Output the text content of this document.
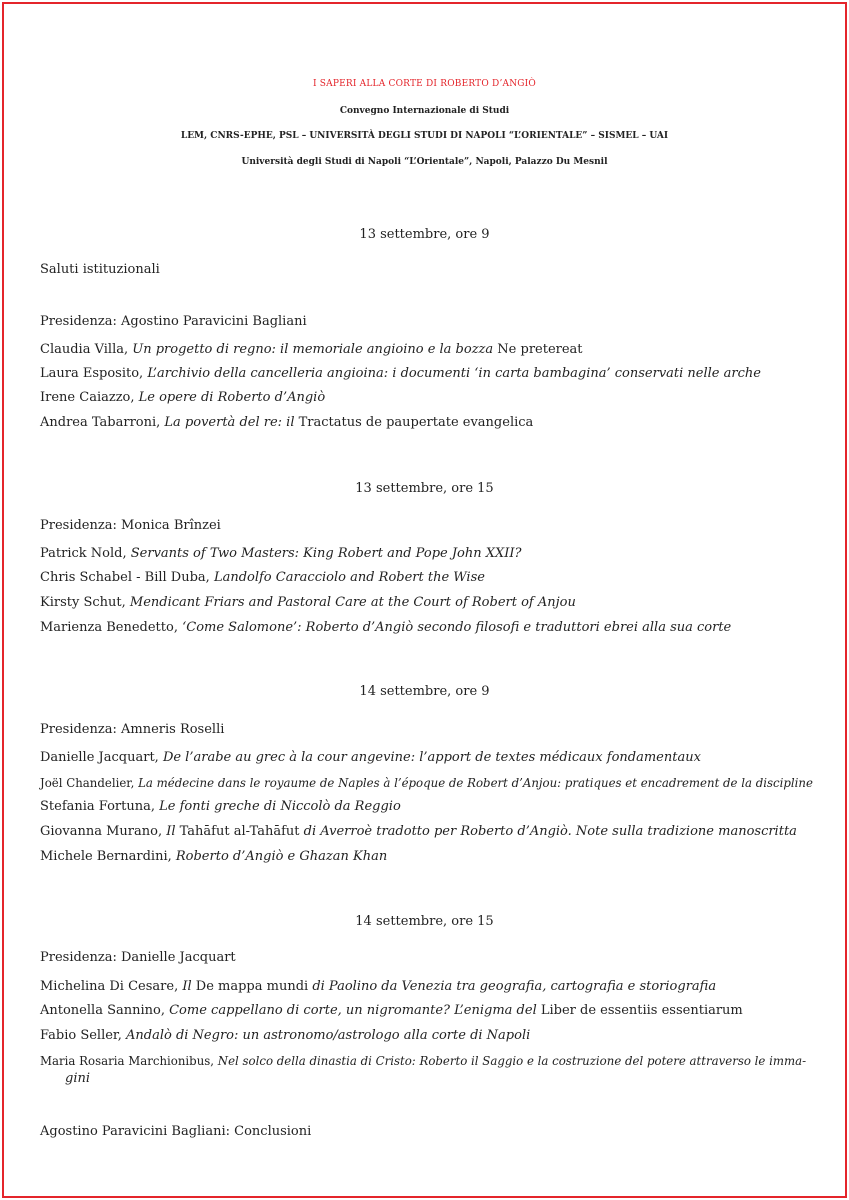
I SAPERI ALLA CORTE DI ROBERTO D’ANGIÒ
Convegno Internazionale di Studi
LEM, CNRS-EPHE, PSL – UNIVERSITÀ DEGLI STUDI DI NAPOLI “L’ORIENTALE” – SISMEL – UAI
Università degli Studi di Napoli “L’Orientale”, Napoli, Palazzo Du Mesnil
13 settembre, ore 9
Saluti istituzionali
Presidenza: Agostino Paravicini Bagliani
Claudia Villa, Un progetto di regno: il memoriale angioino e la bozza Ne pretereat
Laura Esposito, L’archivio della cancelleria angioina: i documenti ‘in carta bambagina’ conservati nelle arche
Irene Caiazzo, Le opere di Roberto d’Angiò
Andrea Tabarroni, La povertà del re: il Tractatus de paupertate evangelica
13 settembre, ore 15
Presidenza: Monica Brînzei
Patrick Nold, Servants of Two Masters: King Robert and Pope John XXII?
Chris Schabel - Bill Duba, Landolfo Caracciolo and Robert the Wise
Kirsty Schut, Mendicant Friars and Pastoral Care at the Court of Robert of Anjou
Marienza Benedetto, ‘Come Salomone’: Roberto d’Angiò secondo filosofi e traduttori ebrei alla sua corte
14 settembre, ore 9
Presidenza: Amneris Roselli
Danielle Jacquart, De l’arabe au grec à la cour angevine: l’apport de textes médicaux fondamentaux
Joël Chandelier, La médecine dans le royaume de Naples à l’époque de Robert d’Anjou: pratiques et encadrement de la discipline
Stefania Fortuna, Le fonti greche di Niccolò da Reggio
Giovanna Murano, Il Tahāfut al-Tahāfut di Averroè tradotto per Roberto d’Angiò. Note sulla tradizione manoscritta
Michele Bernardini, Roberto d’Angiò e Ghazan Khan
14 settembre, ore 15
Presidenza: Danielle Jacquart
Michelina Di Cesare, Il De mappa mundi di Paolino da Venezia tra geografia, cartografia e storiografia
Antonella Sannino, Come cappellano di corte, un nigromante? L’enigma del Liber de essentiis essentiarum
Fabio Seller, Andalò di Negro: un astronomo/astrologo alla corte di Napoli
Maria Rosaria Marchionibus, Nel solco della dinastia di Cristo: Roberto il Saggio e la costruzione del potere attraverso le imma-
gini
Agostino Paravicini Bagliani: Conclusioni
